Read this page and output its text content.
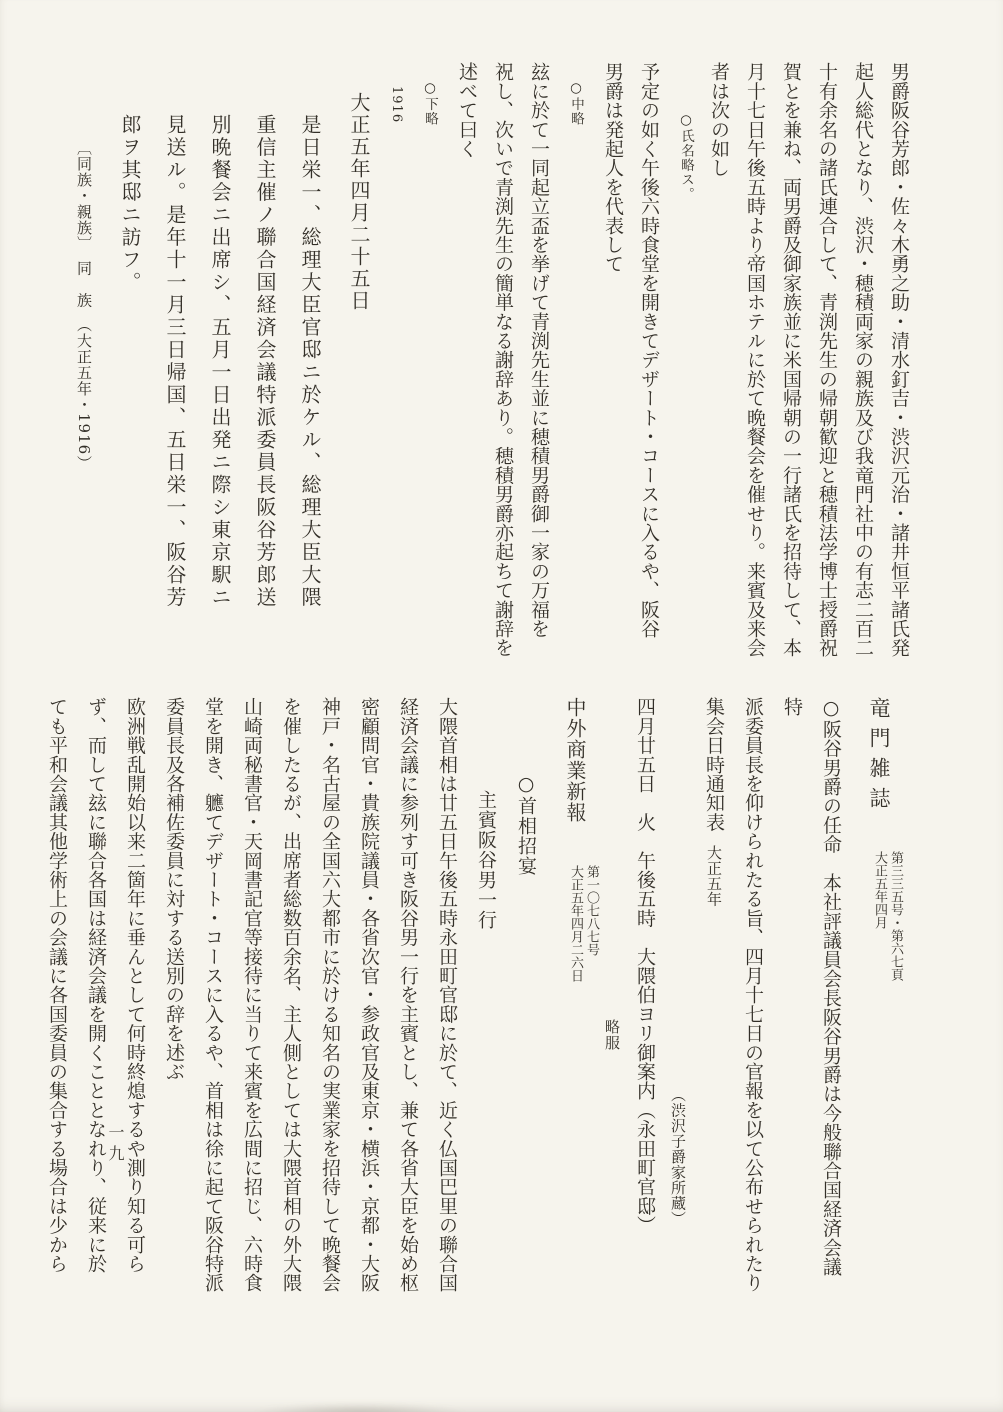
男爵阪谷芳郎・佐々木勇之助・清水釘吉・渋沢元治・諸井恒平諸氏発
起人総代となり、渋沢・穂積両家の親族及び我竜門社中の有志二百二
十有余名の諸氏連合して、青渕先生の帰朝歓迎と穂積法学博士授爵祝
賀とを兼ね、両男爵及御家族並に米国帰朝の一行諸氏を招待して、本
月十七日午後五時より帝国ホテルに於て晩餐会を催せり。来賓及来会
者は次の如し
○氏名略ス。
予定の如く午後六時食堂を開きてデザート・コースに入るや、阪谷
男爵は発起人を代表して
○中略
玆に於て一同起立盃を挙げて青渕先生並に穂積男爵御一家の万福を
祝し、次いで青渕先生の簡単なる謝辞あり。穂積男爵亦起ちて謝辞を
述べて曰く
○下略
1916
大正五年四月二十五日
是日栄一、総理大臣官邸ニ於ケル、総理大臣大隈
重信主催ノ聯合国経済会議特派委員長阪谷芳郎送
別晩餐会ニ出席シ、五月一日出発ニ際シ東京駅ニ
見送ル。是年十一月三日帰国、五日栄一、阪谷芳
郎ヲ其邸ニ訪フ。
〔同族・親族〕　同　族　（大正五年・1916）
竜門雑誌
第三三五号・第六七頁
大正五年四月
○阪谷男爵の任命　本社評議員会長阪谷男爵は今般聯合国経済会議特
派委員長を仰けられたる旨、四月十七日の官報を以て公布せられたり
集会日時通知表大正五年
（渋沢子爵家所蔵）
四月廿五日　火　午後五時　大隈伯ヨリ御案内（永田町官邸）
略服
中外商業新報
第一〇七八七号
大正五年四月二六日
○首相招宴
主賓阪谷男一行
大隈首相は廿五日午後五時永田町官邸に於て、近く仏国巴里の聯合国
経済会議に参列す可き阪谷男一行を主賓とし、兼て各省大臣を始め枢
密顧問官・貴族院議員・各省次官・参政官及東京・横浜・京都・大阪
神戸・名古屋の全国六大都市に於ける知名の実業家を招待して晩餐会
を催したるが、出席者総数百余名、主人側としては大隈首相の外大隈
山崎両秘書官・天岡書記官等接待に当りて来賓を広間に招じ、六時食
堂を開き、軈てデザート・コースに入るや、首相は徐に起て阪谷特派
委員長及各補佐委員に対する送別の辞を述ぶ
欧洲戦乱開始以来二箇年に垂んとして何時終熄するや測り知る可ら
ず、而して玆に聯合各国は経済会議を開くこととなれり、従来に於
ても平和会議其他学術上の会議に各国委員の集合する場合は少から	一九
